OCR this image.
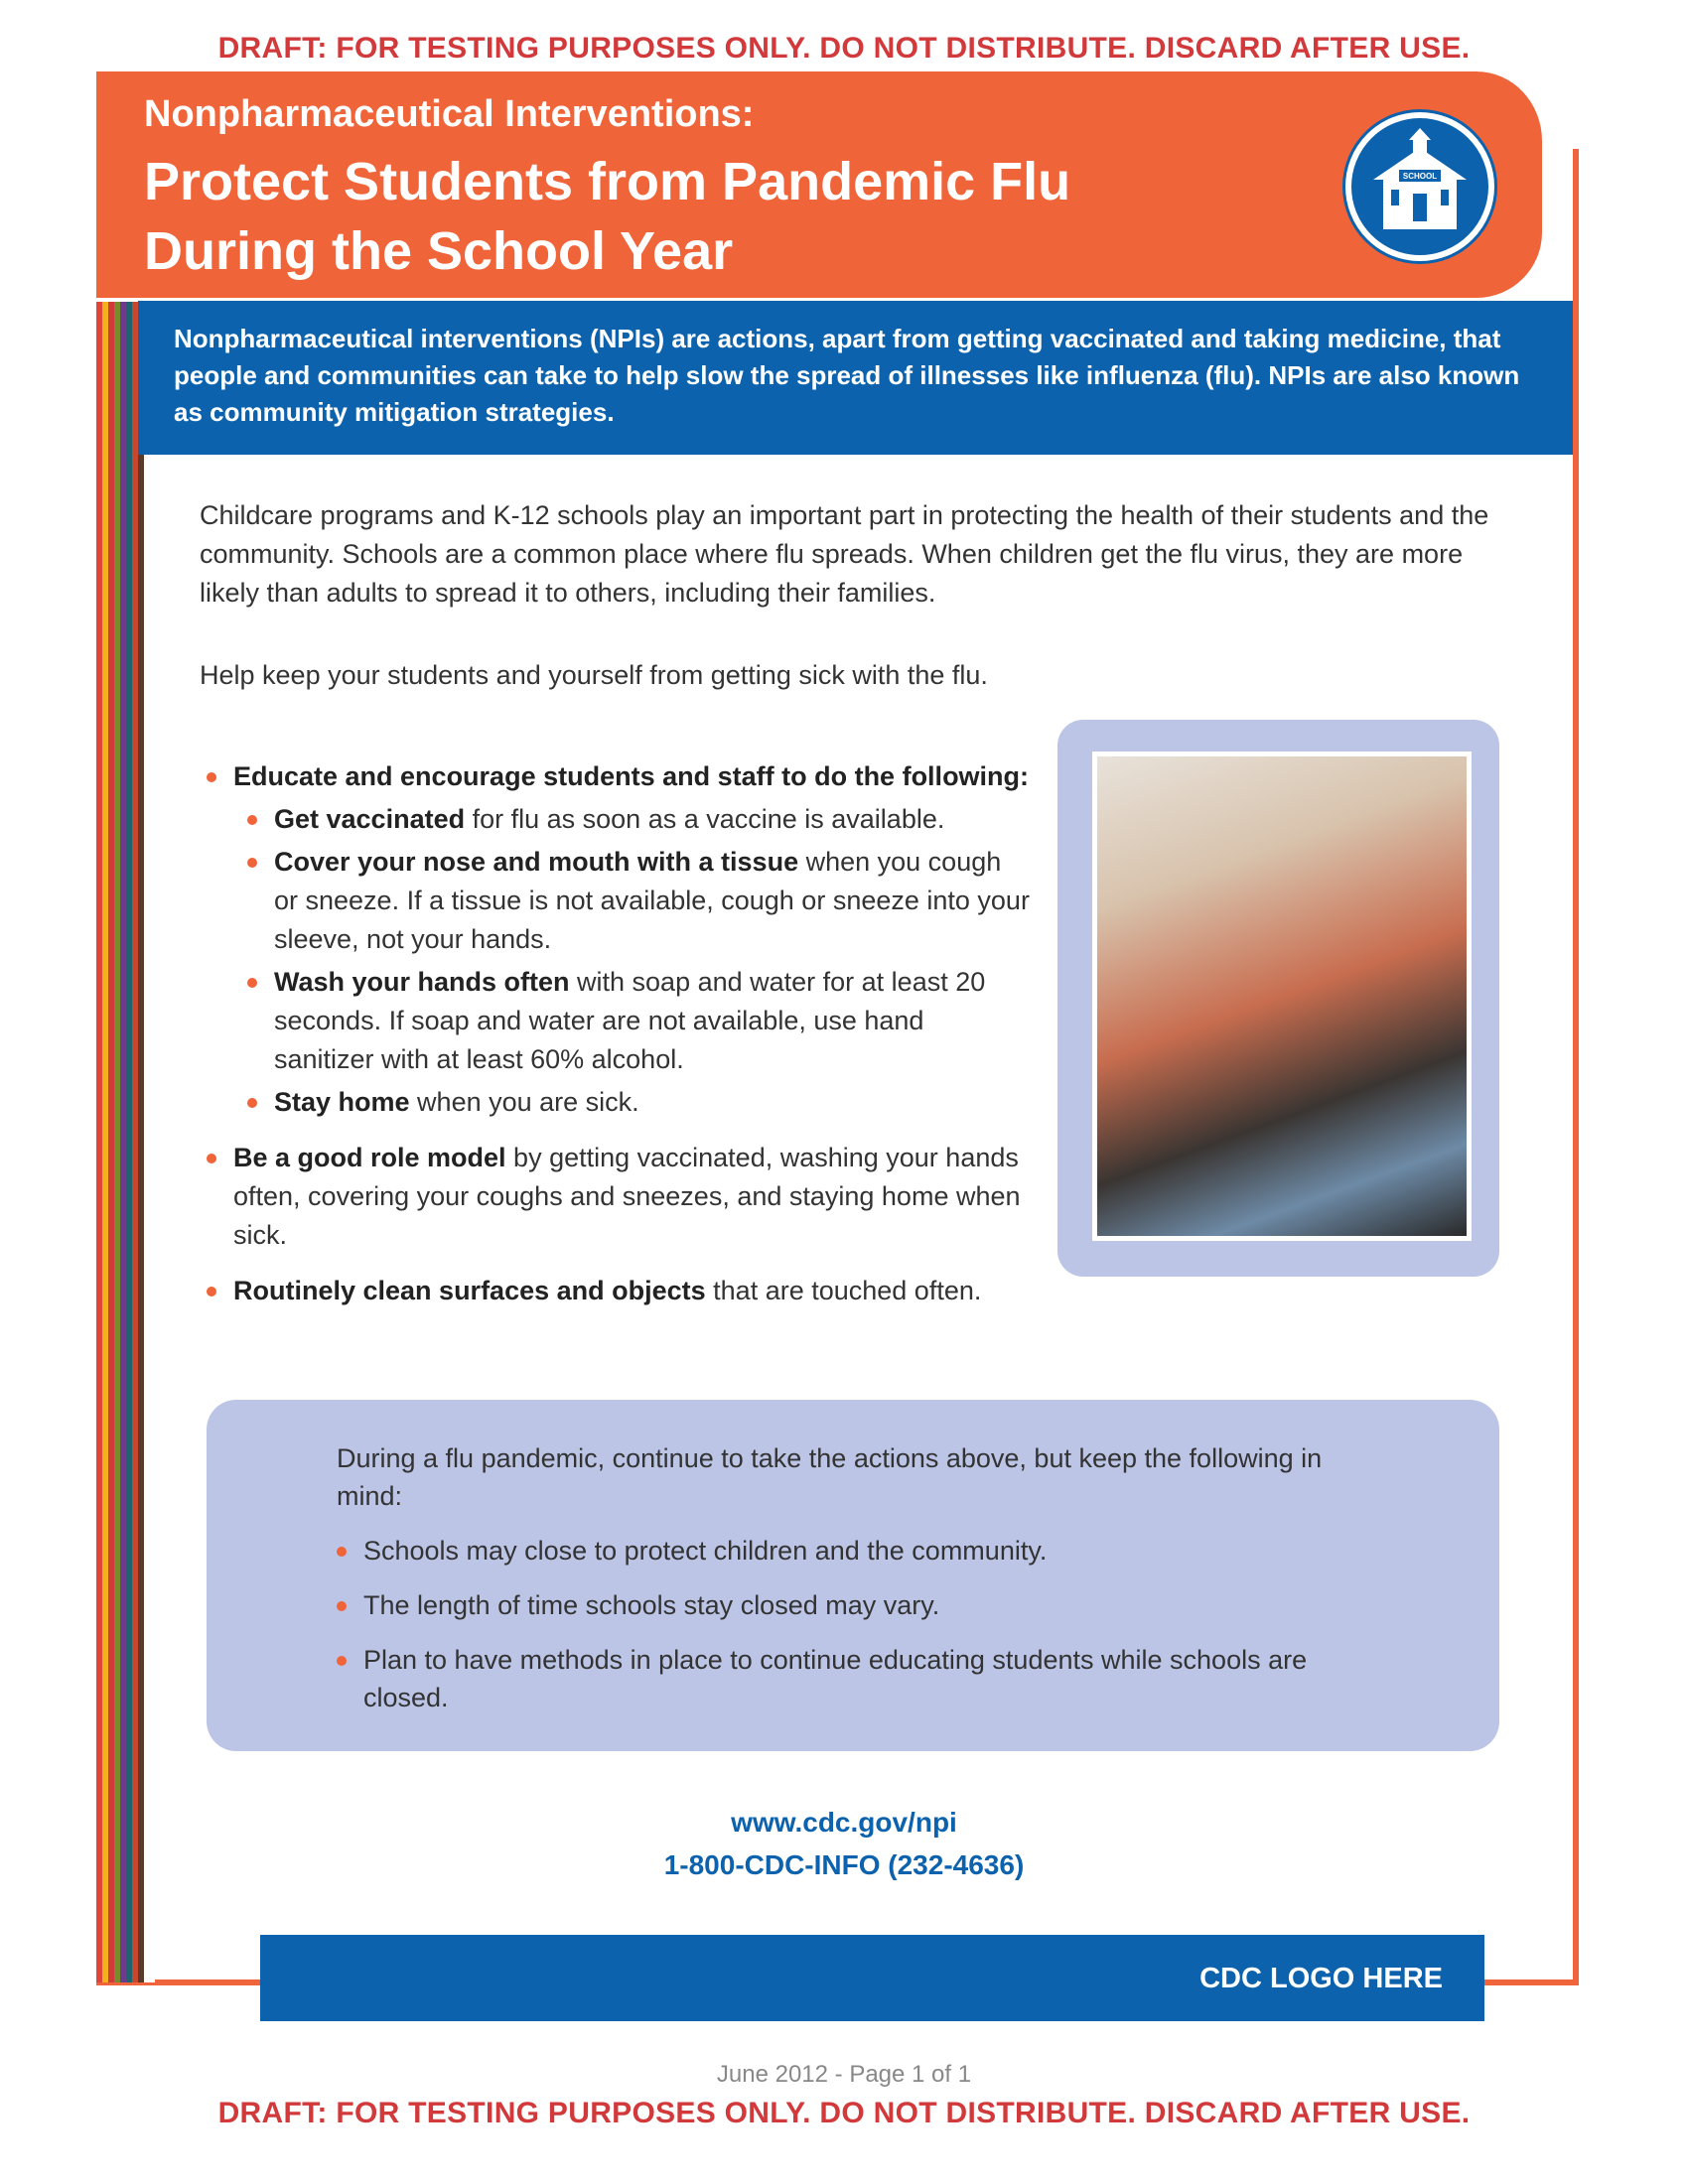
DRAFT: FOR TESTING PURPOSES ONLY. DO NOT DISTRIBUTE. DISCARD AFTER USE.
Nonpharmaceutical Interventions:
Protect Students from Pandemic Flu
During the School Year
SCHOOL
Nonpharmaceutical interventions (NPIs) are actions, apart from getting vaccinated and taking medicine, that people and communities can take to help slow the spread of illnesses like influenza (flu). NPIs are also known as community mitigation strategies.

Childcare programs and K-12 schools play an important part in protecting the health of their students and the community. Schools are a common place where flu spreads. When children get the flu virus, they are more likely than adults to spread it to others, including their families.

Help keep your students and yourself from getting sick with the flu.

Educate and encourage students and staff to do the following:
Get vaccinated for flu as soon as a vaccine is available.
Cover your nose and mouth with a tissue when you cough or sneeze. If a tissue is not available, cough or sneeze into your sleeve, not your hands.
Wash your hands often with soap and water for at least 20 seconds. If soap and water are not available, use hand sanitizer with at least 60% alcohol.
Stay home when you are sick.
Be a good role model by getting vaccinated, washing your hands often, covering your coughs and sneezes, and staying home when sick.
Routinely clean surfaces and objects that are touched often.

During a flu pandemic, continue to take the actions above, but keep the following in mind:

Schools may close to protect children and the community.
The length of time schools stay closed may vary.
Plan to have methods in place to continue educating students while schools are closed.
www.cdc.gov/npi
1-800-CDC-INFO (232-4636)
CDC LOGO HERE
June 2012 - Page 1 of 1
DRAFT: FOR TESTING PURPOSES ONLY. DO NOT DISTRIBUTE. DISCARD AFTER USE.
